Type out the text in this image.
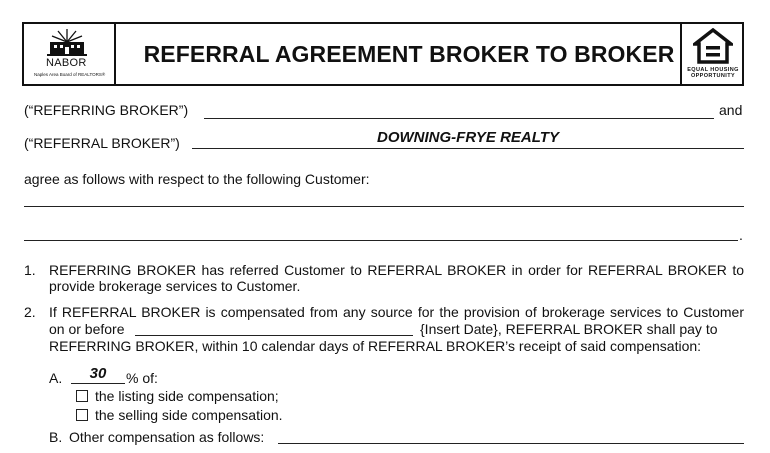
NABOR
Naples Area Board of REALTORS®
REFERRAL AGREEMENT BROKER TO BROKER
EQUAL HOUSING
OPPORTUNITY
(“REFERRING BROKER”)	and
(“REFERRAL BROKER”)	DOWNING-FRYE REALTY
agree as follows with respect to the following Customer:
.
1. REFERRING BROKER has referred Customer to REFERRAL BROKER in order for REFERRAL BROKER to
provide brokerage services to Customer.
2. If REFERRAL BROKER is compensated from any source for the provision of brokerage services to Customer
on or before	{Insert Date}, REFERRAL BROKER shall pay to
REFERRING BROKER, within 10 calendar days of REFERRAL BROKER’s receipt of said compensation:
A.	30	% of:
the listing side compensation;
the selling side compensation.
B. Other compensation as follows:
